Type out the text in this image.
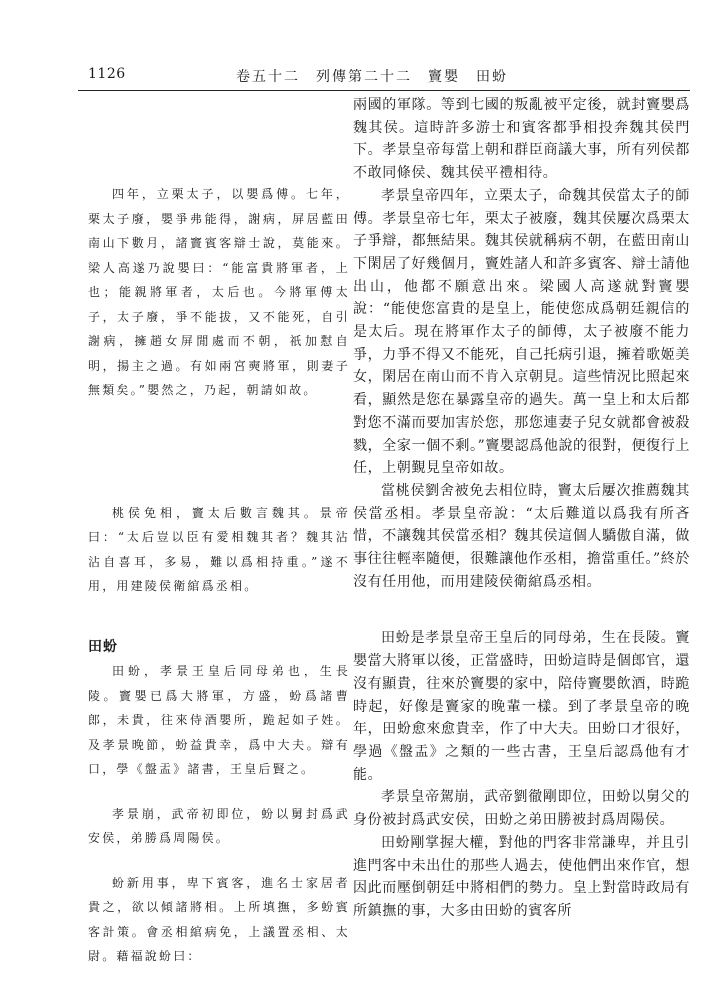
1126	卷五十二　列傳第二十二　竇嬰　田蚡

四年，立栗太子，以嬰爲傅。七年，栗太子廢，嬰爭弗能得，謝病，屏居藍田南山下數月，諸竇賓客辯士說，莫能來。梁人高遂乃說嬰曰：“能富貴將軍者，上也；能親將軍者，太后也。今將軍傅太子，太子廢，爭不能拔，又不能死，自引謝病，擁趙女屏閒處而不朝，祇加懟自明，揚主之過。有如兩宮奭將軍，則妻子無類矣。”嬰然之，乃起，朝請如故。

桃侯免相，竇太后數言魏其。景帝曰：“太后豈以臣有愛相魏其者？魏其沾沾自喜耳，多易，難以爲相持重。”遂不用，用建陵侯衛綰爲丞相。

田蚡

田蚡，孝景王皇后同母弟也，生長陵。竇嬰已爲大將軍，方盛，蚡爲諸曹郎，未貴，往來侍酒嬰所，跪起如子姓。及孝景晚節，蚡益貴幸，爲中大夫。辯有口，學《盤盂》諸書，王皇后賢之。

孝景崩，武帝初即位，蚡以舅封爲武安侯，弟勝爲周陽侯。

蚡新用事，卑下賓客，進名士家居者貴之，欲以傾諸將相。上所填撫，多蚡賓客計策。會丞相綰病免，上議置丞相、太尉。藉福說蚡曰：

兩國的軍隊。等到七國的叛亂被平定後，就封竇嬰爲魏其侯。這時許多游士和賓客都爭相投奔魏其侯門下。孝景皇帝每當上朝和群臣商議大事，所有列侯都不敢同條侯、魏其侯平禮相待。

孝景皇帝四年，立栗太子，命魏其侯當太子的師傅。孝景皇帝七年，栗太子被廢，魏其侯屢次爲栗太子爭辯，都無結果。魏其侯就稱病不朝，在藍田南山下閑居了好幾個月，竇姓諸人和許多賓客、辯士請他出山，他都不願意出來。梁國人高遂就對竇嬰說：“能使您富貴的是皇上，能使您成爲朝廷親信的是太后。現在將軍作太子的師傅，太子被廢不能力爭，力爭不得又不能死，自己托病引退，擁着歌姬美女，閑居在南山而不肯入京朝見。這些情況比照起來看，顯然是您在暴露皇帝的過失。萬一皇上和太后都對您不滿而要加害於您，那您連妻子兒女就都會被殺戮，全家一個不剩。”竇嬰認爲他說的很對，便復行上任，上朝覲見皇帝如故。

當桃侯劉舍被免去相位時，竇太后屢次推薦魏其侯當丞相。孝景皇帝說：“太后難道以爲我有所吝惜，不讓魏其侯當丞相？魏其侯這個人驕傲自滿，做事往往輕率隨便，很難讓他作丞相，擔當重任。”終於沒有任用他，而用建陵侯衛綰爲丞相。

田蚡是孝景皇帝王皇后的同母弟，生在長陵。竇嬰當大將軍以後，正當盛時，田蚡這時是個郎官，還沒有顯貴，往來於竇嬰的家中，陪侍竇嬰飲酒，時跪時起，好像是竇家的晚輩一樣。到了孝景皇帝的晚年，田蚡愈來愈貴幸，作了中大夫。田蚡口才很好，學過《盤盂》之類的一些古書，王皇后認爲他有才能。

孝景皇帝駕崩，武帝劉徹剛即位，田蚡以舅父的身份被封爲武安侯，田蚡之弟田勝被封爲周陽侯。

田蚡剛掌握大權，對他的門客非常謙卑，并且引進門客中未出仕的那些人過去，使他們出來作官，想因此而壓倒朝廷中將相們的勢力。皇上對當時政局有所鎮撫的事，大多由田蚡的賓客所
